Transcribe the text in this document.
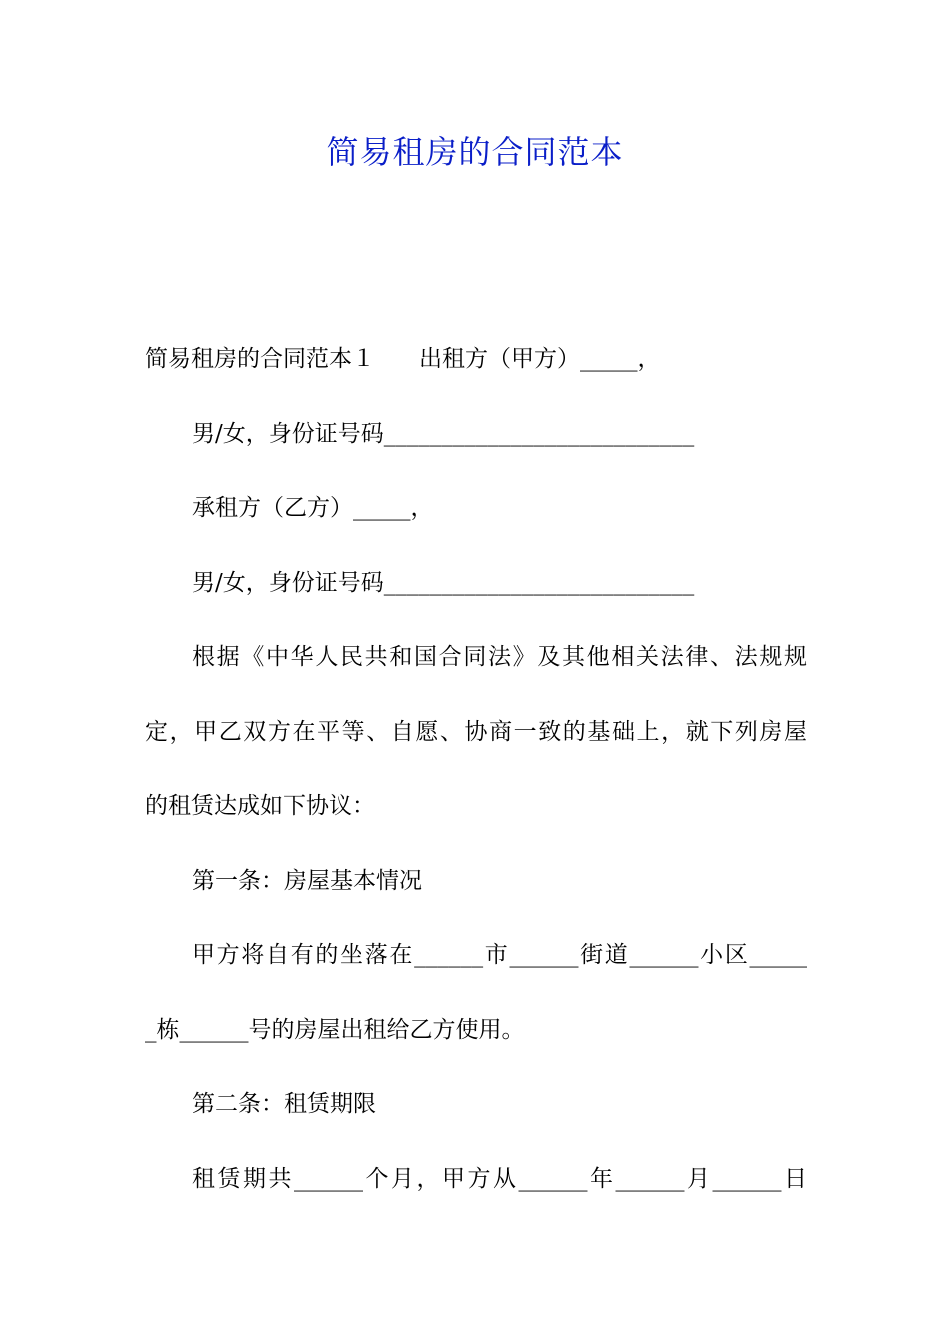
简易租房的合同范本
简易租房的合同范本１ 出租方（甲方）_____，
男/女，身份证号码___________________________
承租方（乙方）_____，
男/女，身份证号码___________________________
根据《中华人民共和国合同法》及其他相关法律、法规规
定，甲乙双方在平等、自愿、协商一致的基础上，就下列房屋
的租赁达成如下协议：
第一条：房屋基本情况
甲方将自有的坐落在______市______街道______小区_____
_栋______号的房屋出租给乙方使用。
第二条：租赁期限
租赁期共______个月，甲方从______年______月______日
